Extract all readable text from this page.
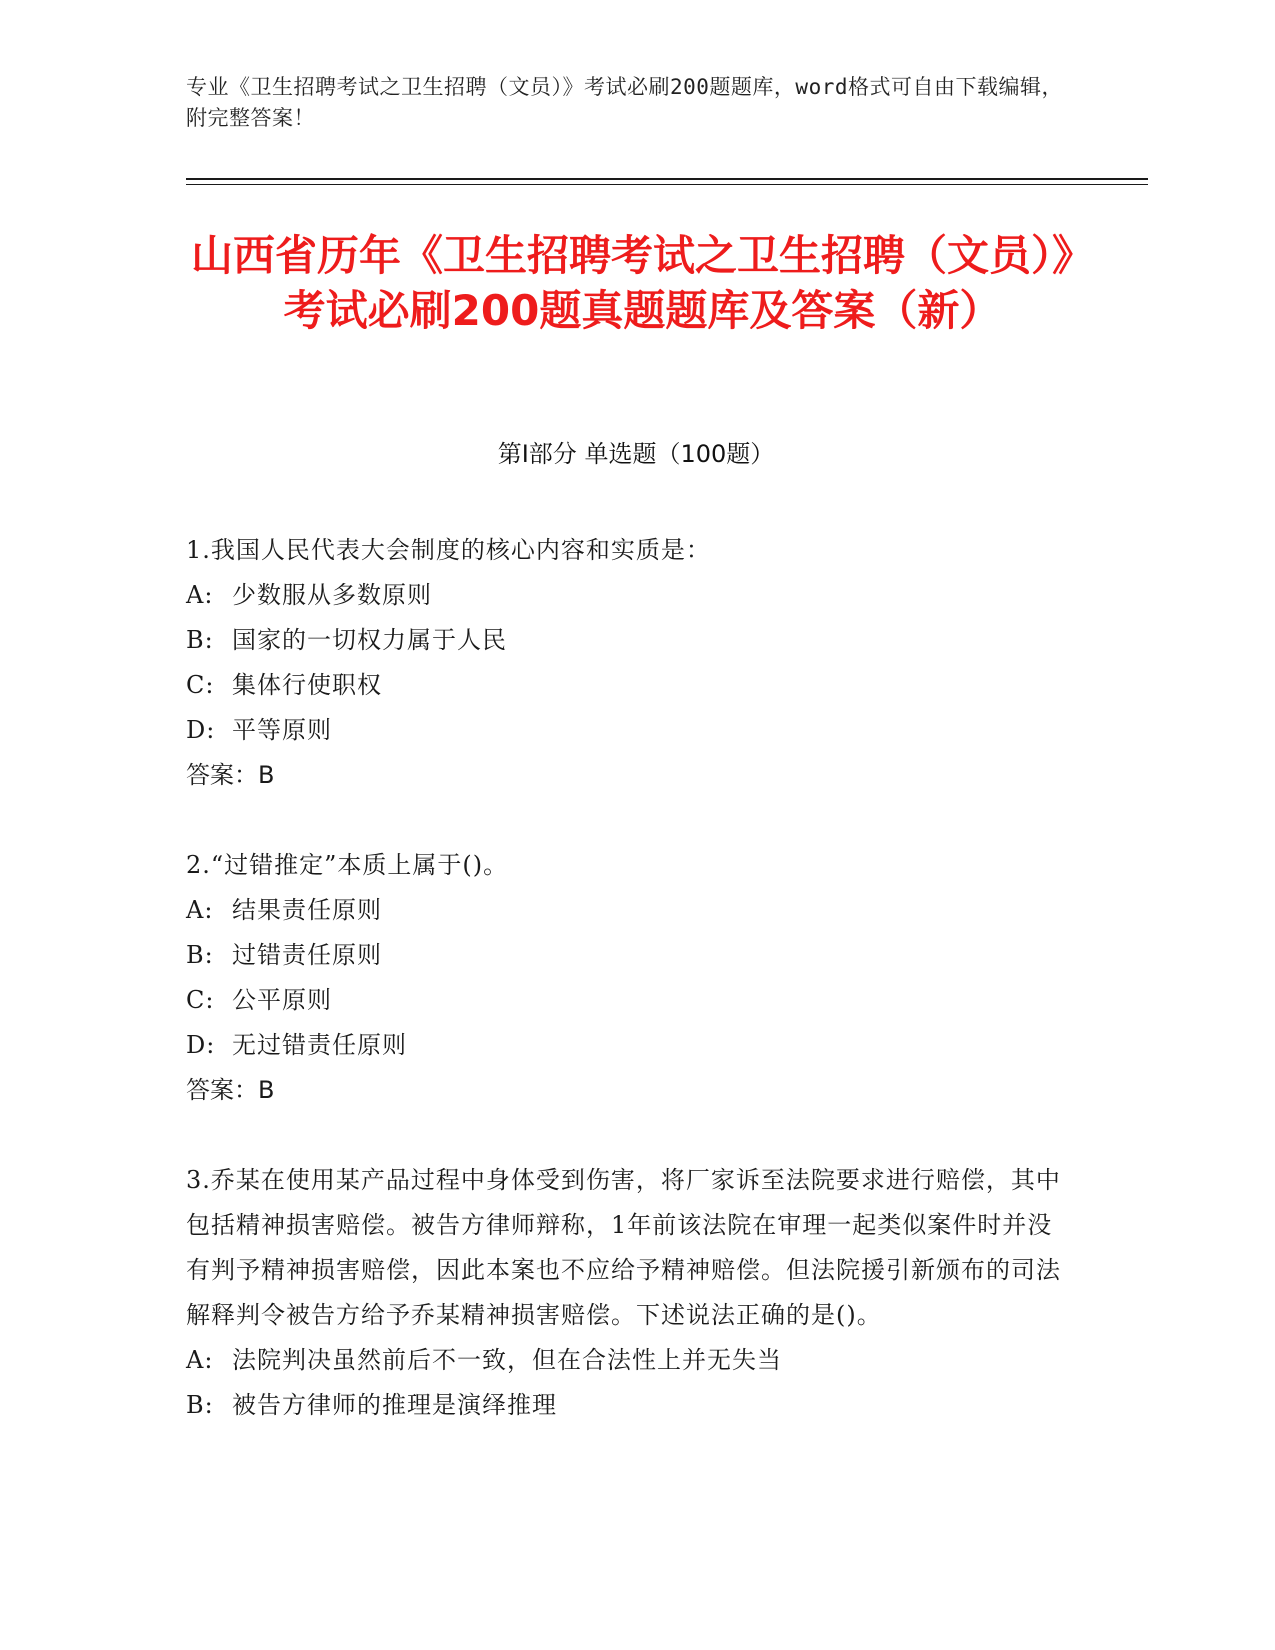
专业《卫生招聘考试之卫生招聘（文员）》考试必刷200题题库，word格式可自由下载编辑，附完整答案！
山西省历年《卫生招聘考试之卫生招聘（文员）》考试必刷200题真题题库及答案（新）
第I部分 单选题（100题）
1.我国人民代表大会制度的核心内容和实质是：
A: 少数服从多数原则
B: 国家的一切权力属于人民
C: 集体行使职权
D: 平等原则
答案：B
2.“过错推定”本质上属于()。
A: 结果责任原则
B: 过错责任原则
C: 公平原则
D: 无过错责任原则
答案：B
3.乔某在使用某产品过程中身体受到伤害，将厂家诉至法院要求进行赔偿，其中包括精神损害赔偿。被告方律师辩称，1年前该法院在审理一起类似案件时并没有判予精神损害赔偿，因此本案也不应给予精神赔偿。但法院援引新颁布的司法解释判令被告方给予乔某精神损害赔偿。下述说法正确的是()。
A: 法院判决虽然前后不一致，但在合法性上并无失当
B: 被告方律师的推理是演绎推理
